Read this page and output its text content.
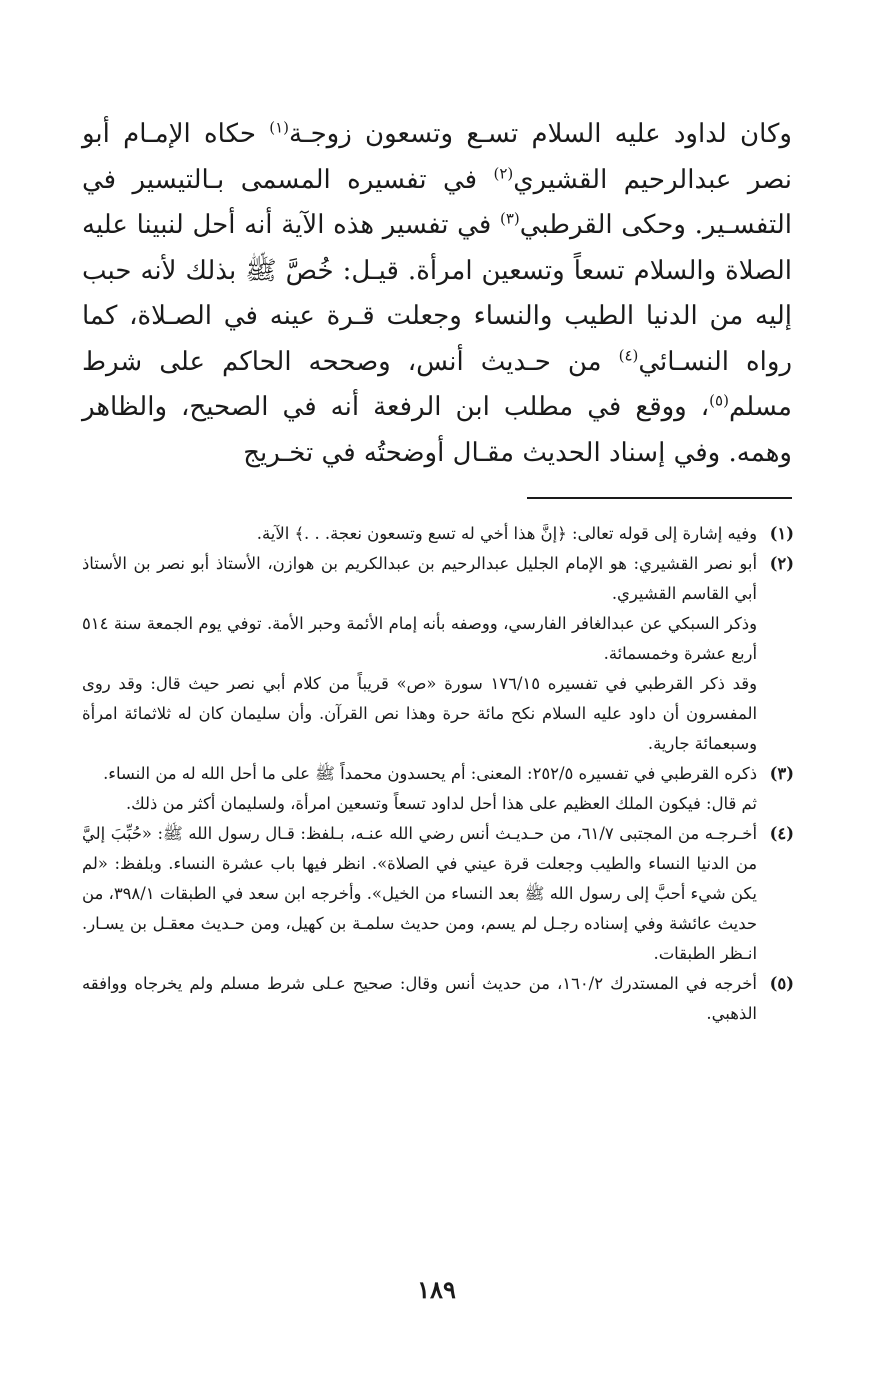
وكان لداود عليه السلام تسـع وتسعون زوجـة$^{(١)}$ حكاه الإمـام أبو نصر عبدالرحيم القشيري$^{(٢)}$ في تفسيره المسمى بـالتيسير في التفسـير. وحكى القرطبي$^{(٣)}$ في تفسير هذه الآية أنه أحل لنبينا عليه الصلاة والسلام تسعاً وتسعين امرأة. قيـل: خُصَّ ﷺ بذلك لأنه حبب إليه من الدنيا الطيب والنساء وجعلت قـرة عينه في الصـلاة، كما رواه النسـائي$^{(٤)}$ من حـديث أنس، وصححه الحاكم على شرط مسلم$^{(٥)}$، ووقع في مطلب ابن الرفعة أنه في الصحيح، والظاهر وهمه. وفي إسناد الحديث مقـال أوضحتُه في تخـريج

(١)

وفيه إشارة إلى قوله تعالى: ﴿إنَّ هذا أخي له تسع وتسعون نعجة. . .﴾ الآية.

(٢)

أبو نصر القشيري: هو الإمام الجليل عبدالرحيم بن عبدالكريم بن هوازن، الأستاذ أبو نصر بن الأستاذ أبي القاسم القشيري.

وذكر السبكي عن عبدالغافر الفارسي، ووصفه بأنه إمام الأئمة وحبر الأمة. توفي يوم الجمعة سنة ٥١٤ أربع عشرة وخمسمائة.

وقد ذكر القرطبي في تفسيره ١٧٦/١٥ سورة «ص» قريباً من كلام أبي نصر حيث قال: وقد روى المفسرون أن داود عليه السلام نكح مائة حرة وهذا نص القرآن. وأن سليمان كان له ثلاثمائة امرأة وسبعمائة جارية.

(٣)

ذكره القرطبي في تفسيره ٢٥٢/٥: المعنى: أم يحسدون محمداً ﷺ على ما أحل الله له من النساء.

ثم قال: فيكون الملك العظيم على هذا أحل لداود تسعاً وتسعين امرأة، ولسليمان أكثر من ذلك.

(٤)

أخـرجـه من المجتبى ٦١/٧، من حـديـث أنس رضي الله عنـه، بـلفظ: قـال رسول الله ﷺ: «حُبِّبَ إليَّ من الدنيا النساء والطيب وجعلت قرة عيني في الصلاة». انظر فيها باب عشرة النساء. وبلفظ: «لم يكن شيء أحبَّ إلى رسول الله ﷺ بعد النساء من الخيل». وأخرجه ابن سعد في الطبقات ٣٩٨/١، من حديث عائشة وفي إسناده رجـل لم يسم، ومن حديث سلمـة بن كهيل، ومن حـديث معقـل بن يسـار. انـظر الطبقات.

(٥)

أخرجه في المستدرك ١٦٠/٢، من حديث أنس وقال: صحيح عـلى شرط مسلم ولم يخرجاه ووافقه الذهبي.

١٨٩
